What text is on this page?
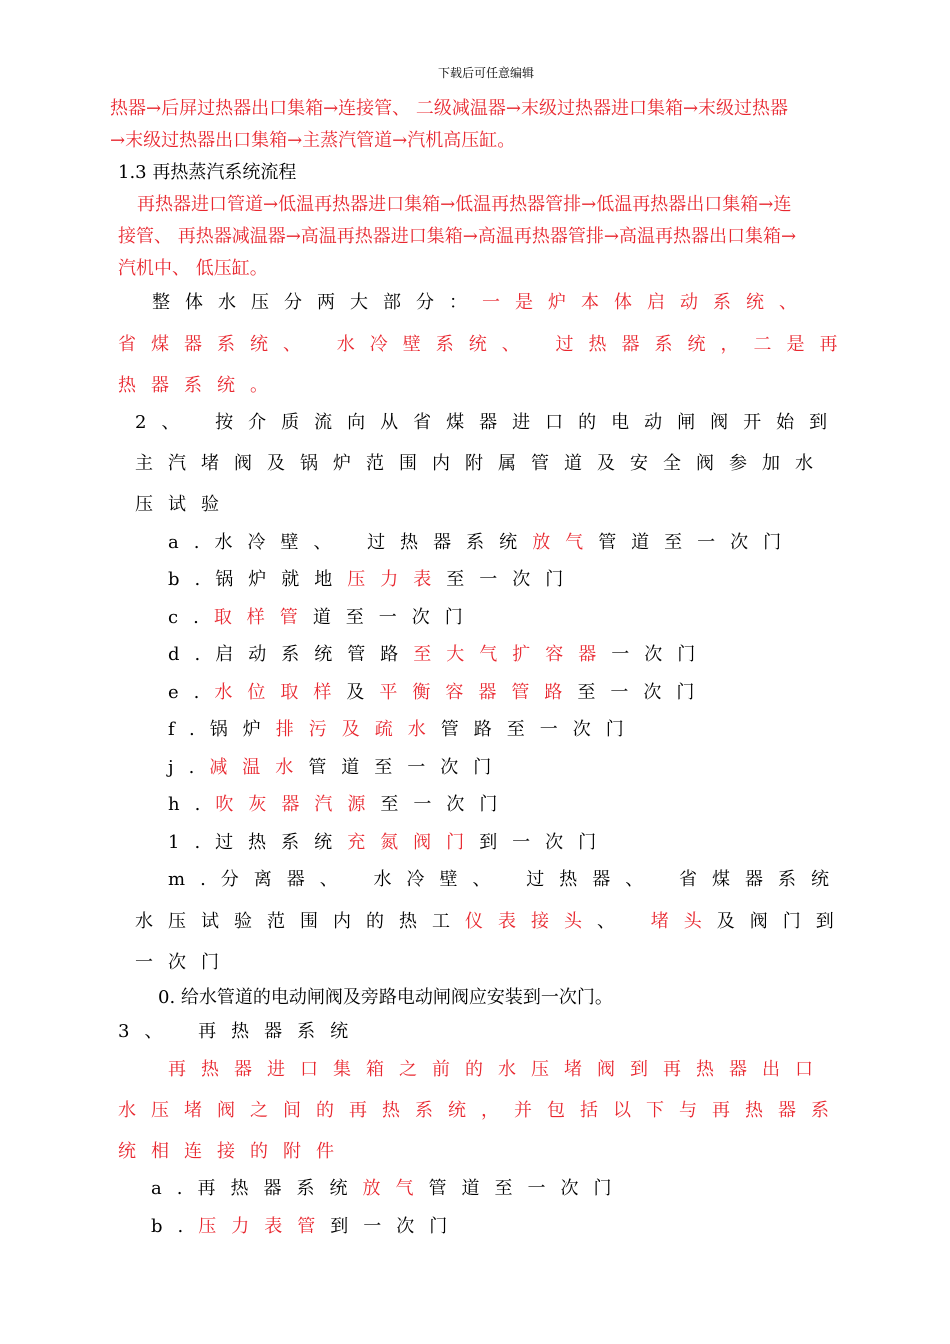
下载后可任意编辑
热器→后屏过热器出口集箱→连接管、 二级减温器→末级过热器进口集箱→末级过热器
→末级过热器出口集箱→主蒸汽管道→汽机高压缸。
1.3 再热蒸汽系统流程
再热器进口管道→低温再热器进口集箱→低温再热器管排→低温再热器出口集箱→连
接管、 再热器减温器→高温再热器进口集箱→高温再热器管排→高温再热器出口集箱→
汽机中、 低压缸。
整体水压分两大部分：一是炉本体启动系统、
省煤器系统、 水冷壁系统、 过热器系统，二是再
热器系统。
2、 按介质流向从省煤器进口的电动闸阀开始到
主汽堵阀及锅炉范围内附属管道及安全阀参加水
压试验
a.水冷壁、 过热器系统放气管道至一次门
b.锅炉就地压力表至一次门
c.取样管道至一次门
d.启动系统管路至大气扩容器一次门
e.水位取样及平衡容器管路至一次门
f.锅炉排污及疏水管路至一次门
j.减温水管道至一次门
h.吹灰器汽源至一次门
1.过热系统充氮阀门到一次门
m.分离器、 水冷壁、 过热器、 省煤器系统
水压试验范围内的热工仪表接头、 堵头及阀门到
一次门
0. 给水管道的电动闸阀及旁路电动闸阀应安装到一次门。
3、 再热器系统
再热器进口集箱之前的水压堵阀到再热器出口
水压堵阀之间的再热系统，并包括以下与再热器系
统相连接的附件
a.再热器系统放气管道至一次门
b.压力表管到一次门
